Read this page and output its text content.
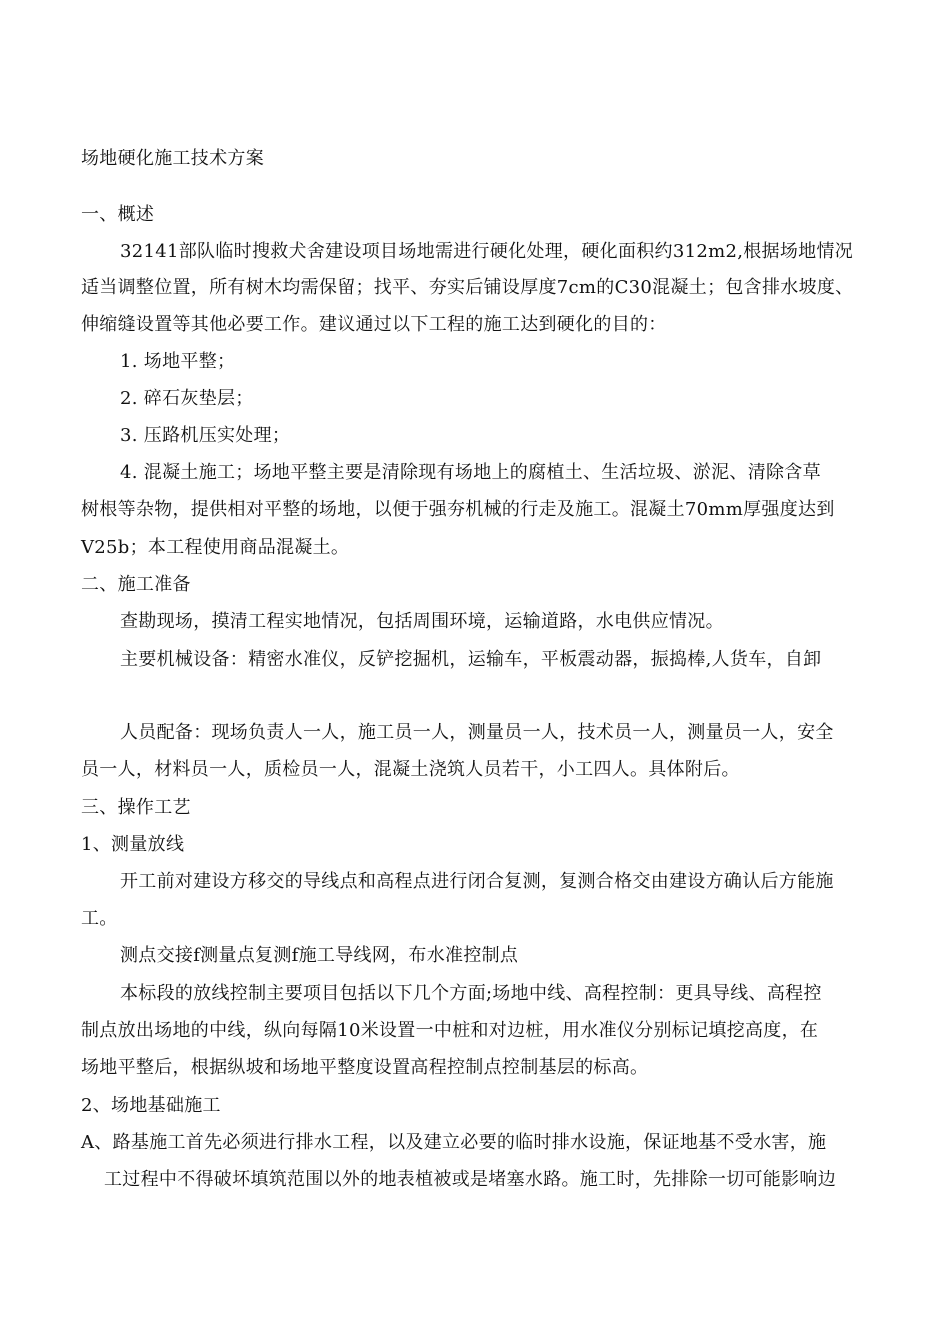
场地硬化施工技术方案
一、概述
32141部队临时搜救犬舍建设项目场地需进行硬化处理，硬化面积约312m2,根据场地情况
适当调整位置，所有树木均需保留；找平、夯实后铺设厚度7cm的C30混凝土；包含排水坡度、
伸缩缝设置等其他必要工作。建议通过以下工程的施工达到硬化的目的：
1. 场地平整；
2. 碎石灰垫层；
3. 压路机压实处理；
4. 混凝土施工；场地平整主要是清除现有场地上的腐植土、生活垃圾、淤泥、清除含草
树根等杂物，提供相对平整的场地，以便于强夯机械的行走及施工。混凝土70mm厚强度达到
V25b；本工程使用商品混凝土。
二、施工准备
查勘现场，摸清工程实地情况，包括周围环境，运输道路，水电供应情况。
主要机械设备：精密水准仪，反铲挖掘机，运输车，平板震动器，振捣棒,人货车，自卸
人员配备：现场负责人一人，施工员一人，测量员一人，技术员一人，测量员一人，安全
员一人，材料员一人，质检员一人，混凝土浇筑人员若干，小工四人。具体附后。
三、操作工艺
1、测量放线
开工前对建设方移交的导线点和高程点进行闭合复测，复测合格交由建设方确认后方能施
工。
测点交接f测量点复测f施工导线网，布水准控制点
本标段的放线控制主要项目包括以下几个方面;场地中线、高程控制：更具导线、高程控
制点放出场地的中线，纵向每隔10米设置一中桩和对边桩，用水准仪分别标记填挖高度，在
场地平整后，根据纵坡和场地平整度设置高程控制点控制基层的标高。
2、场地基础施工
A、路基施工首先必须进行排水工程，以及建立必要的临时排水设施，保证地基不受水害，施
工过程中不得破坏填筑范围以外的地表植被或是堵塞水路。施工时，先排除一切可能影响边
